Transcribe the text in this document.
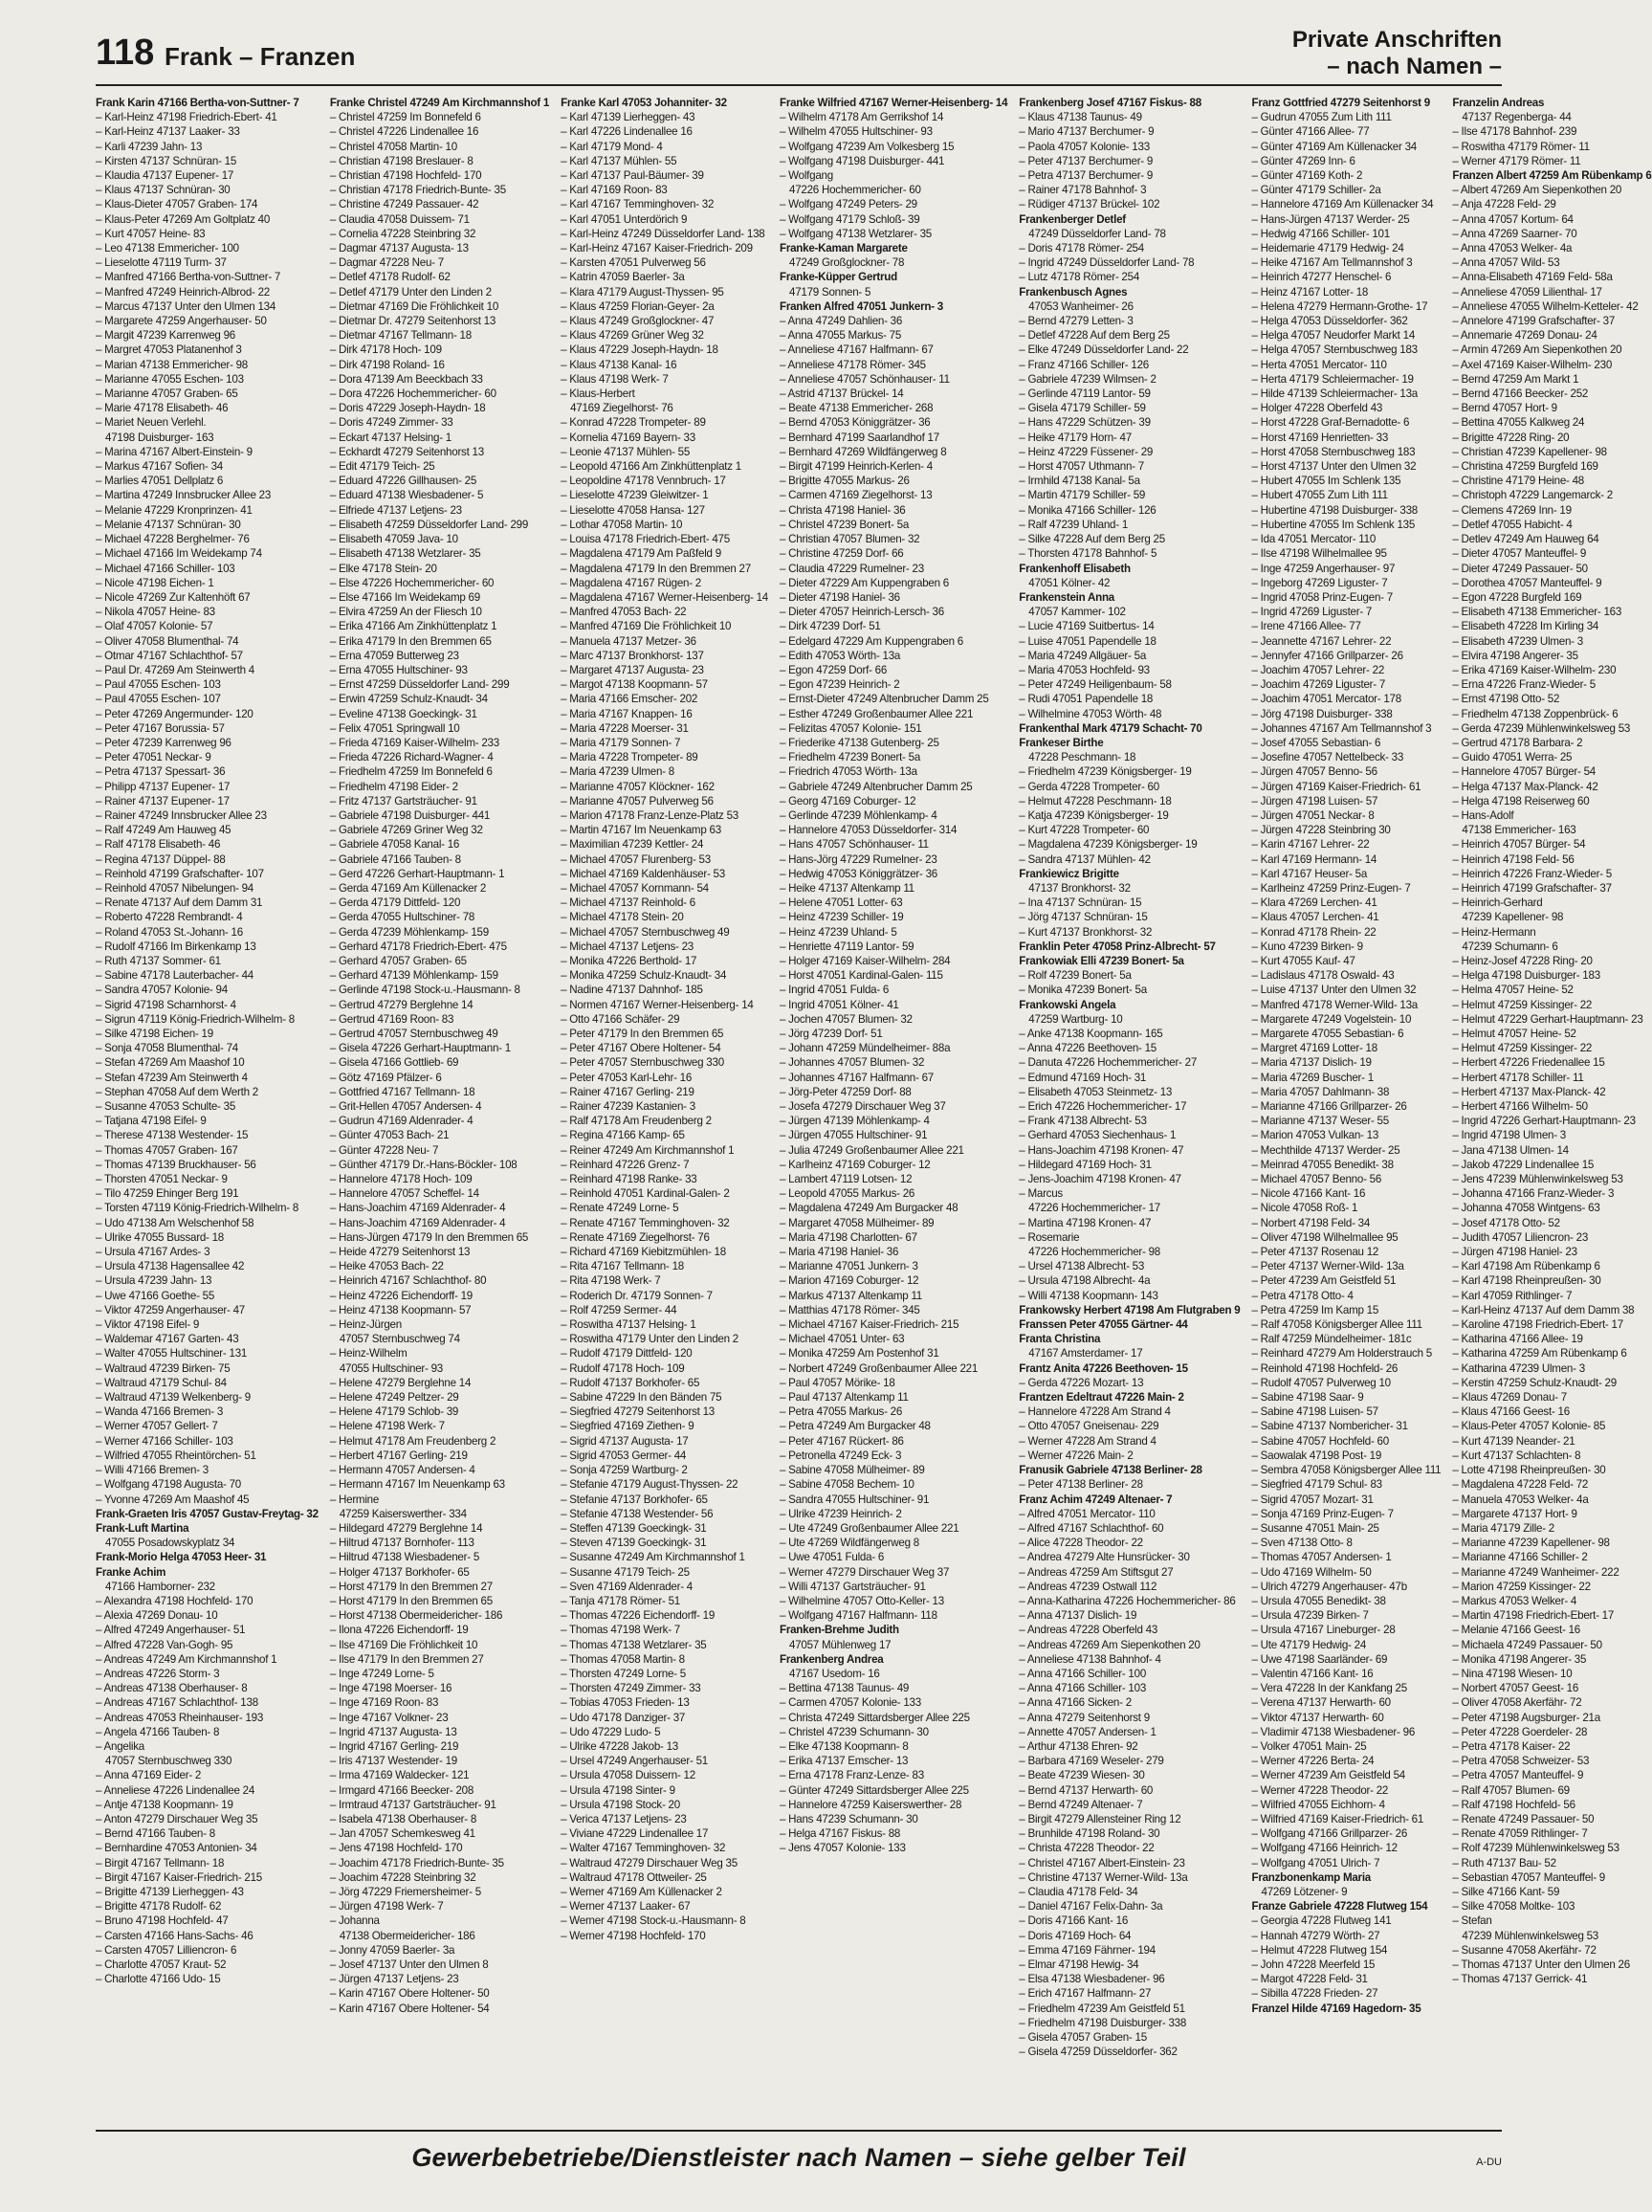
118 Frank – Franzen
Private Anschriften
– nach Namen –
Frank Karin 47166 Bertha-von-Suttner- 7
– Karl-Heinz 47198 Friedrich-Ebert- 41
– Karl-Heinz 47137 Laaker- 33
– Karli 47239 Jahn- 13
– Kirsten 47137 Schnüran- 15
– Klaudia 47137 Eupener- 17
– Klaus 47137 Schnüran- 30
– Klaus-Dieter 47057 Graben- 174
– Klaus-Peter 47269 Am Goltplatz 40
– Kurt 47057 Heine- 83
– Leo 47138 Emmericher- 100
– Lieselotte 47119 Turm- 37
– Manfred 47166 Bertha-von-Suttner- 7
– Manfred 47249 Heinrich-Albrod- 22
– Marcus 47137 Unter den Ulmen 134
– Margarete 47259 Angerhauser- 50
– Margit 47239 Karrenweg 96
– Margret 47053 Platanenhof 3
– Marian 47138 Emmericher- 98
– Marianne 47055 Eschen- 103
– Marianne 47057 Graben- 65
– Marie 47178 Elisabeth- 46
– Mariet Neuen Verlehl.
47198 Duisburger- 163
– Marina 47167 Albert-Einstein- 9
– Markus 47167 Sofien- 34
– Marlies 47051 Dellplatz 6
– Martina 47249 Innsbrucker Allee 23
– Melanie 47229 Kronprinzen- 41
– Melanie 47137 Schnüran- 30
– Michael 47228 Berghelmer- 76
– Michael 47166 Im Weidekamp 74
– Michael 47166 Schiller- 103
– Nicole 47198 Eichen- 1
– Nicole 47269 Zur Kaltenhöft 67
– Nikola 47057 Heine- 83
– Olaf 47057 Kolonie- 57
– Oliver 47058 Blumenthal- 74
– Otmar 47167 Schlachthof- 57
– Paul Dr. 47269 Am Steinwerth 4
– Paul 47055 Eschen- 103
– Paul 47055 Eschen- 107
– Peter 47269 Angermunder- 120
– Peter 47167 Borussia- 57
– Peter 47239 Karrenweg 96
– Peter 47051 Neckar- 9
– Petra 47137 Spessart- 36
– Philipp 47137 Eupener- 17
– Rainer 47137 Eupener- 17
– Rainer 47249 Innsbrucker Allee 23
– Ralf 47249 Am Hauweg 45
– Ralf 47178 Elisabeth- 46
– Regina 47137 Düppel- 88
– Reinhold 47199 Grafschafter- 107
– Reinhold 47057 Nibelungen- 94
– Renate 47137 Auf dem Damm 31
– Roberto 47228 Rembrandt- 4
– Roland 47053 St.-Johann- 16
– Rudolf 47166 Im Birkenkamp 13
– Ruth 47137 Sommer- 61
– Sabine 47178 Lauterbacher- 44
– Sandra 47057 Kolonie- 94
– Sigrid 47198 Scharnhorst- 4
– Sigrun 47119 König-Friedrich-Wilhelm- 8
– Silke 47198 Eichen- 19
– Sonja 47058 Blumenthal- 74
– Stefan 47269 Am Maashof 10
– Stefan 47239 Am Steinwerth 4
– Stephan 47058 Auf dem Werth 2
– Susanne 47053 Schulte- 35
– Tatjana 47198 Eifel- 9
– Therese 47138 Westender- 15
– Thomas 47057 Graben- 167
– Thomas 47139 Bruckhauser- 56
– Thorsten 47051 Neckar- 9
– Tilo 47259 Ehinger Berg 191
– Torsten 47119 König-Friedrich-Wilhelm- 8
– Udo 47138 Am Welschenhof 58
– Ulrike 47055 Bussard- 18
– Ursula 47167 Ardes- 3
– Ursula 47138 Hagensallee 42
– Ursula 47239 Jahn- 13
– Uwe 47166 Goethe- 55
– Viktor 47259 Angerhauser- 47
– Viktor 47198 Eifel- 9
– Waldemar 47167 Garten- 43
– Walter 47055 Hultschiner- 131
– Waltraud 47239 Birken- 75
– Waltraud 47179 Schul- 84
– Waltraud 47139 Welkenberg- 9
– Wanda 47166 Bremen- 3
– Werner 47057 Gellert- 7
– Werner 47166 Schiller- 103
– Wilfried 47055 Rheintörchen- 51
– Willi 47166 Bremen- 3
– Wolfgang 47198 Augusta- 70
– Yvonne 47269 Am Maashof 45
Frank-Graeten Iris 47057 Gustav-Freytag- 32
Frank-Luft Martina
47055 Posadowskyplatz 34
Frank-Morio Helga 47053 Heer- 31
Franke Achim
47166 Hamborner- 232
– Alexandra 47198 Hochfeld- 170
– Alexia 47269 Donau- 10
– Alfred 47249 Angerhauser- 51
– Alfred 47228 Van-Gogh- 95
– Andreas 47249 Am Kirchmannshof 1
– Andreas 47226 Storm- 3
– Andreas 47138 Oberhauser- 8
– Andreas 47167 Schlachthof- 138
– Andreas 47053 Rheinhauser- 193
– Angela 47166 Tauben- 8
– Angelika
47057 Sternbuschweg 330
– Anna 47169 Eider- 2
– Anneliese 47226 Lindenallee 24
– Antje 47138 Koopmann- 19
– Anton 47279 Dirschauer Weg 35
– Bernd 47166 Tauben- 8
– Bernhardine 47053 Antonien- 34
– Birgit 47167 Tellmann- 18
– Birgit 47167 Kaiser-Friedrich- 215
– Brigitte 47139 Lierheggen- 43
– Brigitte 47178 Rudolf- 62
– Bruno 47198 Hochfeld- 47
– Carsten 47166 Hans-Sachs- 46
– Carsten 47057 Lilliencron- 6
– Charlotte 47057 Kraut- 52
– Charlotte 47166 Udo- 15
Franke Christel 47249 Am Kirchmannshof 1
– Christel 47259 Im Bonnefeld 6
– Christel 47226 Lindenallee 16
– Christel 47058 Martin- 10
– Christian 47198 Breslauer- 8
– Christian 47198 Hochfeld- 170
– Christian 47178 Friedrich-Bunte- 35
– Christine 47249 Passauer- 42
– Claudia 47058 Duissem- 71
– Cornelia 47228 Steinbring 32
– Dagmar 47137 Augusta- 13
– Dagmar 47228 Neu- 7
– Detlef 47178 Rudolf- 62
– Detlef 47179 Unter den Linden 2
– Dietmar 47169 Die Fröhlichkeit 10
– Dietmar Dr. 47279 Seitenhorst 13
– Dietmar 47167 Tellmann- 18
– Dirk 47178 Hoch- 109
– Dirk 47198 Roland- 16
– Dora 47139 Am Beeckbach 33
– Dora 47226 Hochemmericher- 60
– Doris 47229 Joseph-Haydn- 18
– Doris 47249 Zimmer- 33
– Eckart 47137 Helsing- 1
– Eckhardt 47279 Seitenhorst 13
– Edit 47179 Teich- 25
– Eduard 47226 Gillhausen- 25
– Eduard 47138 Wiesbadener- 5
– Elfriede 47137 Letjens- 23
– Elisabeth 47259 Düsseldorfer Land- 299
– Elisabeth 47059 Java- 10
– Elisabeth 47138 Wetzlarer- 35
– Elke 47178 Stein- 20
– Else 47226 Hochemmericher- 60
– Else 47166 Im Weidekamp 69
– Elvira 47259 An der Fliesch 10
– Erika 47166 Am Zinkhüttenplatz 1
– Erika 47179 In den Bremmen 65
– Erna 47059 Butterweg 23
– Erna 47055 Hultschiner- 93
– Ernst 47259 Düsseldorfer Land- 299
– Erwin 47259 Schulz-Knaudt- 34
– Eveline 47138 Goeckingk- 31
– Felix 47051 Springwall 10
– Frieda 47169 Kaiser-Wilhelm- 233
– Frieda 47226 Richard-Wagner- 4
– Friedhelm 47259 Im Bonnefeld 6
– Friedhelm 47198 Eider- 2
– Fritz 47137 Gartsträucher- 91
– Gabriele 47198 Duisburger- 441
– Gabriele 47269 Griner Weg 32
– Gabriele 47058 Kanal- 16
– Gabriele 47166 Tauben- 8
– Gerd 47226 Gerhart-Hauptmann- 1
– Gerda 47169 Am Küllenacker 2
– Gerda 47179 Dittfeld- 120
– Gerda 47055 Hultschiner- 78
– Gerda 47239 Möhlenkamp- 159
– Gerhard 47178 Friedrich-Ebert- 475
– Gerhard 47057 Graben- 65
– Gerhard 47139 Möhlenkamp- 159
– Gerlinde 47198 Stock-u.-Hausmann- 8
– Gertrud 47279 Berglehne 14
– Gertrud 47169 Roon- 83
– Gertrud 47057 Sternbuschweg 49
– Gisela 47226 Gerhart-Hauptmann- 1
– Gisela 47166 Gottlieb- 69
– Götz 47169 Pfälzer- 6
– Gottfried 47167 Tellmann- 18
– Grit-Hellen 47057 Andersen- 4
– Gudrun 47169 Aldenrader- 4
– Günter 47053 Bach- 21
– Günter 47228 Neu- 7
– Günther 47179 Dr.-Hans-Böckler- 108
– Hannelore 47178 Hoch- 109
– Hannelore 47057 Scheffel- 14
– Hans-Joachim 47169 Aldenrader- 4
– Hans-Joachim 47169 Aldenrader- 4
– Hans-Jürgen 47179 In den Bremmen 65
– Heide 47279 Seitenhorst 13
– Heike 47053 Bach- 22
– Heinrich 47167 Schlachthof- 80
– Heinz 47226 Eichendorff- 19
– Heinz 47138 Koopmann- 57
– Heinz-Jürgen
47057 Sternbuschweg 74
– Heinz-Wilhelm
47055 Hultschiner- 93
– Helene 47279 Berglehne 14
– Helene 47249 Peltzer- 29
– Helene 47179 Schlob- 39
– Helene 47198 Werk- 7
– Helmut 47178 Am Freudenberg 2
– Herbert 47167 Gerling- 219
– Hermann 47057 Andersen- 4
– Hermann 47167 Im Neuenkamp 63
– Hermine
47259 Kaiserswerther- 334
– Hildegard 47279 Berglehne 14
– Hiltrud 47137 Bornhofer- 113
– Hiltrud 47138 Wiesbadener- 5
– Holger 47137 Borkhofer- 65
– Horst 47179 In den Bremmen 27
– Horst 47179 In den Bremmen 65
– Horst 47138 Obermeidericher- 186
– Ilona 47226 Eichendorff- 19
– Ilse 47169 Die Fröhlichkeit 10
– Ilse 47179 In den Bremmen 27
– Inge 47249 Lorne- 5
– Inge 47198 Moerser- 16
– Inge 47169 Roon- 83
– Inge 47167 Volkner- 23
– Ingrid 47137 Augusta- 13
– Ingrid 47167 Gerling- 219
– Iris 47137 Westender- 19
– Irma 47169 Waldecker- 121
– Irmgard 47166 Beecker- 208
– Irmtraud 47137 Gartsträucher- 91
– Isabela 47138 Oberhauser- 8
– Jan 47057 Schemkesweg 41
– Jens 47198 Hochfeld- 170
– Joachim 47178 Friedrich-Bunte- 35
– Joachim 47228 Steinbring 32
– Jörg 47229 Friemersheimer- 5
– Jürgen 47198 Werk- 7
– Johanna
47138 Obermeidericher- 186
– Jonny 47059 Baerler- 3a
– Josef 47137 Unter den Ulmen 8
– Jürgen 47137 Letjens- 23
– Karin 47167 Obere Holtener- 50
– Karin 47167 Obere Holtener- 54
Franke Karl 47053 Johanniter- 32
– Karl 47139 Lierheggen- 43
– Karl 47226 Lindenallee 16
– Karl 47179 Mond- 4
– Karl 47137 Mühlen- 55
– Karl 47137 Paul-Bäumer- 39
– Karl 47169 Roon- 83
– Karl 47167 Temminghoven- 32
– Karl 47051 Unterdörich 9
– Karl-Heinz 47249 Düsseldorfer Land- 138
– Karl-Heinz 47167 Kaiser-Friedrich- 209
– Karsten 47051 Pulverweg 56
– Katrin 47059 Baerler- 3a
– Klara 47179 August-Thyssen- 95
– Klaus 47259 Florian-Geyer- 2a
– Klaus 47249 Großglockner- 47
– Klaus 47269 Grüner Weg 32
– Klaus 47229 Joseph-Haydn- 18
– Klaus 47138 Kanal- 16
– Klaus 47198 Werk- 7
– Klaus-Herbert
47169 Ziegelhorst- 76
– Konrad 47228 Trompeter- 89
– Kornelia 47169 Bayern- 33
– Leonie 47137 Mühlen- 55
– Leopold 47166 Am Zinkhüttenplatz 1
– Leopoldine 47178 Vennbruch- 17
– Lieselotte 47239 Gleiwitzer- 1
– Lieselotte 47058 Hansa- 127
– Lothar 47058 Martin- 10
– Louisa 47178 Friedrich-Ebert- 475
– Magdalena 47179 Am Paßfeld 9
– Magdalena 47179 In den Bremmen 27
– Magdalena 47167 Rügen- 2
– Magdalena 47167 Werner-Heisenberg- 14
– Manfred 47053 Bach- 22
– Manfred 47169 Die Fröhlichkeit 10
– Manuela 47137 Metzer- 36
– Marc 47137 Bronkhorst- 137
– Margaret 47137 Augusta- 23
– Margot 47138 Koopmann- 57
– Maria 47166 Emscher- 202
– Maria 47167 Knappen- 16
– Maria 47228 Moerser- 31
– Maria 47179 Sonnen- 7
– Maria 47228 Trompeter- 89
– Maria 47239 Ulmen- 8
– Marianne 47057 Klöckner- 162
– Marianne 47057 Pulverweg 56
– Marion 47178 Franz-Lenze-Platz 53
– Martin 47167 Im Neuenkamp 63
– Maximilian 47239 Kettler- 24
– Michael 47057 Flurenberg- 53
– Michael 47169 Kaldenhäuser- 53
– Michael 47057 Kornmann- 54
– Michael 47137 Reinhold- 6
– Michael 47178 Stein- 20
– Michael 47057 Sternbuschweg 49
– Michael 47137 Letjens- 23
– Monika 47226 Berthold- 17
– Monika 47259 Schulz-Knaudt- 34
– Nadine 47137 Dahnhof- 185
– Normen 47167 Werner-Heisenberg- 14
– Otto 47166 Schäfer- 29
– Peter 47179 In den Bremmen 65
– Peter 47167 Obere Holtener- 54
– Peter 47057 Sternbuschweg 330
– Peter 47053 Karl-Lehr- 16
– Rainer 47167 Gerling- 219
– Rainer 47239 Kastanien- 3
– Ralf 47178 Am Freudenberg 2
– Regina 47166 Kamp- 65
– Reiner 47249 Am Kirchmannshof 1
– Reinhard 47226 Grenz- 7
– Reinhard 47198 Ranke- 33
– Reinhold 47051 Kardinal-Galen- 2
– Renate 47249 Lorne- 5
– Renate 47167 Temminghoven- 32
– Renate 47169 Ziegelhorst- 76
– Richard 47169 Kiebitzmühlen- 18
– Rita 47167 Tellmann- 18
– Rita 47198 Werk- 7
– Roderich Dr. 47179 Sonnen- 7
– Rolf 47259 Sermer- 44
– Roswitha 47137 Helsing- 1
– Roswitha 47179 Unter den Linden 2
– Rudolf 47179 Dittfeld- 120
– Rudolf 47178 Hoch- 109
– Rudolf 47137 Borkhofer- 65
– Sabine 47229 In den Bänden 75
– Siegfried 47279 Seitenhorst 13
– Siegfried 47169 Ziethen- 9
– Sigrid 47137 Augusta- 17
– Sigrid 47053 Germer- 44
– Sonja 47259 Wartburg- 2
– Stefanie 47179 August-Thyssen- 22
– Stefanie 47137 Borkhofer- 65
– Stefanie 47138 Westender- 56
– Steffen 47139 Goeckingk- 31
– Steven 47139 Goeckingk- 31
– Susanne 47249 Am Kirchmannshof 1
– Susanne 47179 Teich- 25
– Sven 47169 Aldenrader- 4
– Tanja 47178 Römer- 51
– Thomas 47226 Eichendorff- 19
– Thomas 47198 Werk- 7
– Thomas 47138 Wetzlarer- 35
– Thomas 47058 Martin- 8
– Thorsten 47249 Lorne- 5
– Thorsten 47249 Zimmer- 33
– Tobias 47053 Frieden- 13
– Udo 47178 Danziger- 37
– Udo 47229 Ludo- 5
– Ulrike 47228 Jakob- 13
– Ursel 47249 Angerhauser- 51
– Ursula 47058 Duissern- 12
– Ursula 47198 Sinter- 9
– Ursula 47198 Stock- 20
– Verica 47137 Letjens- 23
– Viviane 47229 Lindenallee 17
– Walter 47167 Temminghoven- 32
– Waltraud 47279 Dirschauer Weg 35
– Waltraud 47178 Ottweiler- 25
– Werner 47169 Am Küllenacker 2
– Werner 47137 Laaker- 67
– Werner 47198 Stock-u.-Hausmann- 8
– Werner 47198 Hochfeld- 170
Franke Wilfried 47167 Werner-Heisenberg- 14
– Wilhelm 47178 Am Gerrikshof 14
– Wilhelm 47055 Hultschiner- 93
– Wolfgang 47239 Am Volkesberg 15
– Wolfgang 47198 Duisburger- 441
– Wolfgang
47226 Hochemmericher- 60
– Wolfgang 47249 Peters- 29
– Wolfgang 47179 Schloß- 39
– Wolfgang 47138 Wetzlarer- 35
Franke-Kaman Margarete
47249 Großglockner- 78
Franke-Küpper Gertrud
47179 Sonnen- 5
Franken Alfred 47051 Junkern- 3
– Anna 47249 Dahlien- 36
– Anna 47055 Markus- 75
– Anneliese 47167 Halfmann- 67
– Anneliese 47178 Römer- 345
– Anneliese 47057 Schönhauser- 11
– Astrid 47137 Brückel- 14
– Beate 47138 Emmericher- 268
– Bernd 47053 Königgrätzer- 36
– Bernhard 47199 Saarlandhof 17
– Bernhard 47269 Wildfängerweg 8
– Birgit 47199 Heinrich-Kerlen- 4
– Brigitte 47055 Markus- 26
– Carmen 47169 Ziegelhorst- 13
– Christa 47198 Haniel- 36
– Christel 47239 Bonert- 5a
– Christian 47057 Blumen- 32
– Christine 47259 Dorf- 66
– Claudia 47229 Rumelner- 23
– Dieter 47229 Am Kuppengraben 6
– Dieter 47198 Haniel- 36
– Dieter 47057 Heinrich-Lersch- 36
– Dirk 47239 Dorf- 51
– Edelgard 47229 Am Kuppengraben 6
– Edith 47053 Wörth- 13a
– Egon 47259 Dorf- 66
– Egon 47239 Heinrich- 2
– Ernst-Dieter 47249 Altenbrucher Damm 25
– Esther 47249 Großenbaumer Allee 221
– Felizitas 47057 Kolonie- 151
– Friederike 47138 Gutenberg- 25
– Friedhelm 47239 Bonert- 5a
– Friedrich 47053 Wörth- 13a
– Gabriele 47249 Altenbrucher Damm 25
– Georg 47169 Coburger- 12
– Gerlinde 47239 Möhlenkamp- 4
– Hannelore 47053 Düsseldorfer- 314
– Hans 47057 Schönhauser- 11
– Hans-Jörg 47229 Rumelner- 23
– Hedwig 47053 Königgrätzer- 36
– Heike 47137 Altenkamp 11
– Helene 47051 Lotter- 63
– Heinz 47239 Schiller- 19
– Heinz 47239 Uhland- 5
– Henriette 47119 Lantor- 59
– Holger 47169 Kaiser-Wilhelm- 284
– Horst 47051 Kardinal-Galen- 115
– Ingrid 47051 Fulda- 6
– Ingrid 47051 Kölner- 41
– Jochen 47057 Blumen- 32
– Jörg 47239 Dorf- 51
– Johann 47259 Mündelheimer- 88a
– Johannes 47057 Blumen- 32
– Johannes 47167 Halfmann- 67
– Jörg-Peter 47259 Dorf- 88
– Josefa 47279 Dirschauer Weg 37
– Jürgen 47139 Möhlenkamp- 4
– Jürgen 47055 Hultschiner- 91
– Julia 47249 Großenbaumer Allee 221
– Karlheinz 47169 Coburger- 12
– Lambert 47119 Lotsen- 12
– Leopold 47055 Markus- 26
– Magdalena 47249 Am Burgacker 48
– Margaret 47058 Mülheimer- 89
– Maria 47198 Charlotten- 67
– Maria 47198 Haniel- 36
– Marianne 47051 Junkern- 3
– Marion 47169 Coburger- 12
– Markus 47137 Altenkamp 11
– Matthias 47178 Römer- 345
– Michael 47167 Kaiser-Friedrich- 215
– Michael 47051 Unter- 63
– Monika 47259 Am Postenhof 31
– Norbert 47249 Großenbaumer Allee 221
– Paul 47057 Mörike- 18
– Paul 47137 Altenkamp 11
– Petra 47055 Markus- 26
– Petra 47249 Am Burgacker 48
– Peter 47167 Rückert- 86
– Petronella 47249 Eck- 3
– Sabine 47058 Mülheimer- 89
– Sabine 47058 Bechem- 10
– Sandra 47055 Hultschiner- 91
– Ulrike 47239 Heinrich- 2
– Ute 47249 Großenbaumer Allee 221
– Ute 47269 Wildfängerweg 8
– Uwe 47051 Fulda- 6
– Werner 47279 Dirschauer Weg 37
– Willi 47137 Gartsträucher- 91
– Wilhelmine 47057 Otto-Keller- 13
– Wolfgang 47167 Halfmann- 118
Franken-Brehme Judith
47057 Mühlenweg 17
Frankenberg Andrea
47167 Usedom- 16
– Bettina 47138 Taunus- 49
– Carmen 47057 Kolonie- 133
– Christa 47249 Sittardsberger Allee 225
– Christel 47239 Schumann- 30
– Elke 47138 Koopmann- 8
– Erika 47137 Emscher- 13
– Erna 47178 Franz-Lenze- 83
– Günter 47249 Sittardsberger Allee 225
– Hannelore 47259 Kaiserswerther- 28
– Hans 47239 Schumann- 30
– Helga 47167 Fiskus- 88
– Jens 47057 Kolonie- 133
Frankenberg Josef 47167 Fiskus- 88
– Klaus 47138 Taunus- 49
– Mario 47137 Berchumer- 9
– Paola 47057 Kolonie- 133
– Peter 47137 Berchumer- 9
– Petra 47137 Berchumer- 9
– Rainer 47178 Bahnhof- 3
– Rüdiger 47137 Brückel- 102
Frankenberger Detlef
47249 Düsseldorfer Land- 78
– Doris 47178 Römer- 254
– Ingrid 47249 Düsseldorfer Land- 78
– Lutz 47178 Römer- 254
Frankenbusch Agnes
47053 Wanheimer- 26
– Bernd 47279 Letten- 3
– Detlef 47228 Auf dem Berg 25
– Elke 47249 Düsseldorfer Land- 22
– Franz 47166 Schiller- 126
– Gabriele 47239 Wilmsen- 2
– Gerlinde 47119 Lantor- 59
– Gisela 47179 Schiller- 59
– Hans 47229 Schützen- 39
– Heike 47179 Horn- 47
– Heinz 47229 Füssener- 29
– Horst 47057 Uthmann- 7
– Irmhild 47138 Kanal- 5a
– Martin 47179 Schiller- 59
– Monika 47166 Schiller- 126
– Ralf 47239 Uhland- 1
– Silke 47228 Auf dem Berg 25
– Thorsten 47178 Bahnhof- 5
Frankenhoff Elisabeth
47051 Kölner- 42
Frankenstein Anna
47057 Kammer- 102
– Lucie 47169 Suitbertus- 14
– Luise 47051 Papendelle 18
– Maria 47249 Allgäuer- 5a
– Maria 47053 Hochfeld- 93
– Peter 47249 Heiligenbaum- 58
– Rudi 47051 Papendelle 18
– Wilhelmine 47053 Wörth- 48
Frankenthal Mark 47179 Schacht- 70
Frankeser Birthe
47228 Peschmann- 18
– Friedhelm 47239 Königsberger- 19
– Gerda 47228 Trompeter- 60
– Helmut 47228 Peschmann- 18
– Katja 47239 Königsberger- 19
– Kurt 47228 Trompeter- 60
– Magdalena 47239 Königsberger- 19
– Sandra 47137 Mühlen- 42
Frankiewicz Brigitte
47137 Bronkhorst- 32
– Ina 47137 Schnüran- 15
– Jörg 47137 Schnüran- 15
– Kurt 47137 Bronkhorst- 32
Franklin Peter 47058 Prinz-Albrecht- 57
Frankowiak Elli 47239 Bonert- 5a
– Rolf 47239 Bonert- 5a
– Monika 47239 Bonert- 5a
Frankowski Angela
47259 Wartburg- 10
– Anke 47138 Koopmann- 165
– Anna 47226 Beethoven- 15
– Danuta 47226 Hochemmericher- 27
– Edmund 47169 Hoch- 31
– Elisabeth 47053 Steinmetz- 13
– Erich 47226 Hochemmericher- 17
– Frank 47138 Albrecht- 53
– Gerhard 47053 Siechenhaus- 1
– Hans-Joachim 47198 Kronen- 47
– Hildegard 47169 Hoch- 31
– Jens-Joachim 47198 Kronen- 47
– Marcus
47226 Hochemmericher- 17
– Martina 47198 Kronen- 47
– Rosemarie
47226 Hochemmericher- 98
– Ursel 47138 Albrecht- 53
– Ursula 47198 Albrecht- 4a
– Willi 47138 Koopmann- 143
Frankowsky Herbert 47198 Am Flutgraben 9
Franssen Peter 47055 Gärtner- 44
Franta Christina
47167 Amsterdamer- 17
Frantz Anita 47226 Beethoven- 15
– Gerda 47226 Mozart- 13
Frantzen Edeltraut 47226 Main- 2
– Hannelore 47228 Am Strand 4
– Otto 47057 Gneisenau- 229
– Werner 47228 Am Strand 4
– Werner 47226 Main- 2
Franusik Gabriele 47138 Berliner- 28
– Peter 47138 Berliner- 28
Franz Achim 47249 Altenaer- 7
– Alfred 47051 Mercator- 110
– Alfred 47167 Schlachthof- 60
– Alice 47228 Theodor- 22
– Andrea 47279 Alte Hunsrücker- 30
– Andreas 47259 Am Stiftsgut 27
– Andreas 47239 Ostwall 112
– Anna-Katharina 47226 Hochemmericher- 86
– Anna 47137 Dislich- 19
– Andreas 47228 Oberfeld 43
– Andreas 47269 Am Siepenkothen 20
– Anneliese 47138 Bahnhof- 4
– Anna 47166 Schiller- 100
– Anna 47166 Schiller- 103
– Anna 47166 Sicken- 2
– Anna 47279 Seitenhorst 9
– Annette 47057 Andersen- 1
– Arthur 47138 Ehren- 92
– Barbara 47169 Weseler- 279
– Beate 47239 Wiesen- 30
– Bernd 47137 Herwarth- 60
– Bernd 47249 Altenaer- 7
– Birgit 47279 Allensteiner Ring 12
– Brunhilde 47198 Roland- 30
– Christa 47228 Theodor- 22
– Christel 47167 Albert-Einstein- 23
– Christine 47137 Werner-Wild- 13a
– Claudia 47178 Feld- 34
– Daniel 47167 Felix-Dahn- 3a
– Doris 47166 Kant- 16
– Doris 47169 Hoch- 64
– Emma 47169 Fährner- 194
– Elmar 47198 Hewig- 34
– Elsa 47138 Wiesbadener- 96
– Erich 47167 Halfmann- 27
– Friedhelm 47239 Am Geistfeld 51
– Friedhelm 47198 Duisburger- 338
– Gisela 47057 Graben- 15
– Gisela 47259 Düsseldorfer- 362
Franz Gottfried 47279 Seitenhorst 9
– Gudrun 47055 Zum Lith 111
– Günter 47166 Allee- 77
– Günter 47169 Am Küllenacker 34
– Günter 47269 Inn- 6
– Günter 47169 Koth- 2
– Günter 47179 Schiller- 2a
– Hannelore 47169 Am Küllenacker 34
– Hans-Jürgen 47137 Werder- 25
– Hedwig 47166 Schiller- 101
– Heidemarie 47179 Hedwig- 24
– Heike 47167 Am Tellmannshof 3
– Heinrich 47277 Henschel- 6
– Heinz 47167 Lotter- 18
– Helena 47279 Hermann-Grothe- 17
– Helga 47053 Düsseldorfer- 362
– Helga 47057 Neudorfer Markt 14
– Helga 47057 Sternbuschweg 183
– Herta 47051 Mercator- 110
– Herta 47179 Schleiermacher- 19
– Hilde 47139 Schleiermacher- 13a
– Holger 47228 Oberfeld 43
– Horst 47228 Graf-Bernadotte- 6
– Horst 47169 Henrietten- 33
– Horst 47058 Sternbuschweg 183
– Horst 47137 Unter den Ulmen 32
– Hubert 47055 Im Schlenk 135
– Hubert 47055 Zum Lith 111
– Hubertine 47198 Duisburger- 338
– Hubertine 47055 Im Schlenk 135
– Ida 47051 Mercator- 110
– Ilse 47198 Wilhelmallee 95
– Inge 47259 Angerhauser- 97
– Ingeborg 47269 Liguster- 7
– Ingrid 47058 Prinz-Eugen- 7
– Ingrid 47269 Liguster- 7
– Irene 47166 Allee- 77
– Jeannette 47167 Lehrer- 22
– Jennyfer 47166 Grillparzer- 26
– Joachim 47057 Lehrer- 22
– Joachim 47269 Liguster- 7
– Joachim 47051 Mercator- 178
– Jörg 47198 Duisburger- 338
– Johannes 47167 Am Tellmannshof 3
– Josef 47055 Sebastian- 6
– Josefine 47057 Nettelbeck- 33
– Jürgen 47057 Benno- 56
– Jürgen 47169 Kaiser-Friedrich- 61
– Jürgen 47198 Luisen- 57
– Jürgen 47051 Neckar- 8
– Jürgen 47228 Steinbring 30
– Karin 47167 Lehrer- 22
– Karl 47169 Hermann- 14
– Karl 47167 Heuser- 5a
– Karlheinz 47259 Prinz-Eugen- 7
– Klara 47269 Lerchen- 41
– Klaus 47057 Lerchen- 41
– Konrad 47178 Rhein- 22
– Kuno 47239 Birken- 9
– Kurt 47055 Kauf- 47
– Ladislaus 47178 Oswald- 43
– Luise 47137 Unter den Ulmen 32
– Manfred 47178 Werner-Wild- 13a
– Margarete 47249 Vogelstein- 10
– Margarete 47055 Sebastian- 6
– Margret 47169 Lotter- 18
– Maria 47137 Dislich- 19
– Maria 47269 Buscher- 1
– Maria 47057 Dahlmann- 38
– Marianne 47166 Grillparzer- 26
– Marianne 47137 Weser- 55
– Marion 47053 Vulkan- 13
– Mechthilde 47137 Werder- 25
– Meinrad 47055 Benedikt- 38
– Michael 47057 Benno- 56
– Nicole 47166 Kant- 16
– Nicole 47058 Roß- 1
– Norbert 47198 Feld- 34
– Oliver 47198 Wilhelmallee 95
– Peter 47137 Rosenau 12
– Peter 47137 Werner-Wild- 13a
– Peter 47239 Am Geistfeld 51
– Petra 47178 Otto- 4
– Petra 47259 Im Kamp 15
– Ralf 47058 Königsberger Allee 111
– Ralf 47259 Mündelheimer- 181c
– Reinhard 47279 Am Holderstrauch 5
– Reinhold 47198 Hochfeld- 26
– Rudolf 47057 Pulverweg 10
– Sabine 47198 Saar- 9
– Sabine 47198 Luisen- 57
– Sabine 47137 Nombericher- 31
– Sabine 47057 Hochfeld- 60
– Saowalak 47198 Post- 19
– Sembra 47058 Königsberger Allee 111
– Siegfried 47179 Schul- 83
– Sigrid 47057 Mozart- 31
– Sonja 47169 Prinz-Eugen- 7
– Susanne 47051 Main- 25
– Sven 47138 Otto- 8
– Thomas 47057 Andersen- 1
– Udo 47169 Wilhelm- 50
– Ulrich 47279 Angerhauser- 47b
– Ursula 47055 Benedikt- 38
– Ursula 47239 Birken- 7
– Ursula 47167 Lineburger- 28
– Ute 47179 Hedwig- 24
– Uwe 47198 Saarländer- 69
– Valentin 47166 Kant- 16
– Vera 47228 In der Kankfang 25
– Verena 47137 Herwarth- 60
– Viktor 47137 Herwarth- 60
– Vladimir 47138 Wiesbadener- 96
– Volker 47051 Main- 25
– Werner 47226 Berta- 24
– Werner 47239 Am Geistfeld 54
– Werner 47228 Theodor- 22
– Wilfried 47055 Eichhorn- 4
– Wilfried 47169 Kaiser-Friedrich- 61
– Wolfgang 47166 Grillparzer- 26
– Wolfgang 47166 Heinrich- 12
– Wolfgang 47051 Ulrich- 7
Franzbonenkamp Maria
47269 Lötzener- 9
Franze Gabriele 47228 Flutweg 154
– Georgia 47228 Flutweg 141
– Hannah 47279 Wörth- 27
– Helmut 47228 Flutweg 154
– John 47228 Meerfeld 15
– Margot 47228 Feld- 31
– Sibilla 47228 Frieden- 27
Franzel Hilde 47169 Hagedorn- 35
Franzelin Andreas
47137 Regenberga- 44
– Ilse 47178 Bahnhof- 239
– Roswitha 47179 Römer- 11
– Werner 47179 Römer- 11
Franzen Albert 47259 Am Rübenkamp 6
– Albert 47269 Am Siepenkothen 20
– Anja 47228 Feld- 29
– Anna 47057 Kortum- 64
– Anna 47269 Saarner- 70
– Anna 47053 Welker- 4a
– Anna 47057 Wild- 53
– Anna-Elisabeth 47169 Feld- 58a
– Anneliese 47059 Lilienthal- 17
– Anneliese 47055 Wilhelm-Ketteler- 42
– Annelore 47199 Grafschafter- 37
– Annemarie 47269 Donau- 24
– Armin 47269 Am Siepenkothen 20
– Axel 47169 Kaiser-Wilhelm- 230
– Bernd 47259 Am Markt 1
– Bernd 47166 Beecker- 252
– Bernd 47057 Hort- 9
– Bettina 47055 Kalkweg 24
– Brigitte 47228 Ring- 20
– Christian 47239 Kapellener- 98
– Christina 47259 Burgfeld 169
– Christine 47179 Heine- 48
– Christoph 47229 Langemarck- 2
– Clemens 47269 Inn- 19
– Detlef 47055 Habicht- 4
– Detlev 47249 Am Hauweg 64
– Dieter 47057 Manteuffel- 9
– Dieter 47249 Passauer- 50
– Dorothea 47057 Manteuffel- 9
– Egon 47228 Burgfeld 169
– Elisabeth 47138 Emmericher- 163
– Elisabeth 47228 Im Kirling 34
– Elisabeth 47239 Ulmen- 3
– Elvira 47198 Angerer- 35
– Erika 47169 Kaiser-Wilhelm- 230
– Erna 47226 Franz-Wieder- 5
– Ernst 47198 Otto- 52
– Friedhelm 47138 Zoppenbrück- 6
– Gerda 47239 Mühlenwinkelsweg 53
– Gertrud 47178 Barbara- 2
– Guido 47051 Werra- 25
– Hannelore 47057 Bürger- 54
– Helga 47137 Max-Planck- 42
– Helga 47198 Reiserweg 60
– Hans-Adolf
47138 Emmericher- 163
– Heinrich 47057 Bürger- 54
– Heinrich 47198 Feld- 56
– Heinrich 47226 Franz-Wieder- 5
– Heinrich 47199 Grafschafter- 37
– Heinrich-Gerhard
47239 Kapellener- 98
– Heinz-Hermann
47239 Schumann- 6
– Heinz-Josef 47228 Ring- 20
– Helga 47198 Duisburger- 183
– Helma 47057 Heine- 52
– Helmut 47259 Kissinger- 22
– Helmut 47229 Gerhart-Hauptmann- 23
– Helmut 47057 Heine- 52
– Helmut 47259 Kissinger- 22
– Herbert 47226 Friedenallee 15
– Herbert 47178 Schiller- 11
– Herbert 47137 Max-Planck- 42
– Herbert 47166 Wilhelm- 50
– Ingrid 47226 Gerhart-Hauptmann- 23
– Ingrid 47198 Ulmen- 3
– Jana 47138 Ulmen- 14
– Jakob 47229 Lindenallee 15
– Jens 47239 Mühlenwinkelsweg 53
– Johanna 47166 Franz-Wieder- 3
– Johanna 47058 Wintgens- 63
– Josef 47178 Otto- 52
– Judith 47057 Liliencron- 23
– Jürgen 47198 Haniel- 23
– Karl 47198 Am Rübenkamp 6
– Karl 47198 Rheinpreußen- 30
– Karl 47059 Rithlinger- 7
– Karl-Heinz 47137 Auf dem Damm 38
– Karoline 47198 Friedrich-Ebert- 17
– Katharina 47166 Allee- 19
– Katharina 47259 Am Rübenkamp 6
– Katharina 47239 Ulmen- 3
– Kerstin 47259 Schulz-Knaudt- 29
– Klaus 47269 Donau- 7
– Klaus 47166 Geest- 16
– Klaus-Peter 47057 Kolonie- 85
– Kurt 47139 Neander- 21
– Kurt 47137 Schlachten- 8
– Lotte 47198 Rheinpreußen- 30
– Magdalena 47228 Feld- 72
– Manuela 47053 Welker- 4a
– Margarete 47137 Hort- 9
– Maria 47179 Zille- 2
– Marianne 47239 Kapellener- 98
– Marianne 47166 Schiller- 2
– Marianne 47249 Wanheimer- 222
– Marion 47259 Kissinger- 22
– Markus 47053 Welker- 4
– Martin 47198 Friedrich-Ebert- 17
– Melanie 47166 Geest- 16
– Michaela 47249 Passauer- 50
– Monika 47198 Angerer- 35
– Nina 47198 Wiesen- 10
– Norbert 47057 Geest- 16
– Oliver 47058 Akerfähr- 72
– Peter 47198 Augsburger- 21a
– Peter 47228 Goerdeler- 28
– Petra 47178 Kaiser- 22
– Petra 47058 Schweizer- 53
– Petra 47057 Manteuffel- 9
– Ralf 47057 Blumen- 69
– Ralf 47198 Hochfeld- 56
– Renate 47249 Passauer- 50
– Renate 47059 Rithlinger- 7
– Rolf 47239 Mühlenwinkelsweg 53
– Ruth 47137 Bau- 52
– Sebastian 47057 Manteuffel- 9
– Silke 47166 Kant- 59
– Silke 47058 Moltke- 103
– Stefan
47239 Mühlenwinkelsweg 53
– Susanne 47058 Akerfähr- 72
– Thomas 47137 Unter den Ulmen 26
– Thomas 47137 Gerrick- 41
Gewerbebetriebe/Dienstleister nach Namen – siehe gelber Teil	A-DU
